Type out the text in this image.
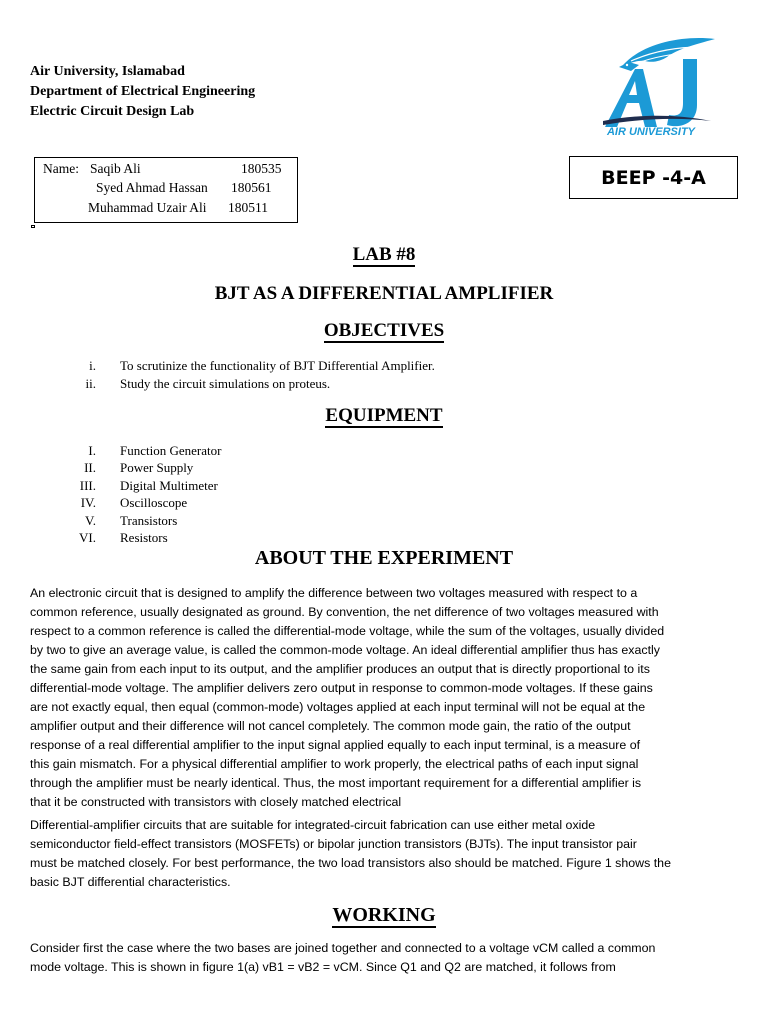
Air University, Islamabad
Department of Electrical Engineering
Electric Circuit Design Lab
AIR UNIVERSITY
Name: Saqib Ali	180535
Syed Ahmad Hassan 180561
Muhammad Uzair Ali 180511
BEEP -4-A
LAB #8
BJT AS A DIFFERENTIAL AMPLIFIER
OBJECTIVES
i. To scrutinize the functionality of BJT Differential Amplifier.
ii. Study the circuit simulations on proteus.
EQUIPMENT
I. Function Generator
II. Power Supply
III. Digital Multimeter
IV. Oscilloscope
V. Transistors
VI. Resistors
ABOUT THE EXPERIMENT
An electronic circuit that is designed to amplify the difference between two voltages measured with respect to a
common reference, usually designated as ground. By convention, the net difference of two voltages measured with
respect to a common reference is called the differential-mode voltage, while the sum of the voltages, usually divided
by two to give an average value, is called the common-mode voltage. An ideal differential amplifier thus has exactly
the same gain from each input to its output, and the amplifier produces an output that is directly proportional to its
differential-mode voltage. The amplifier delivers zero output in response to common-mode voltages. If these gains
are not exactly equal, then equal (common-mode) voltages applied at each input terminal will not be equal at the
amplifier output and their difference will not cancel completely. The common mode gain, the ratio of the output
response of a real differential amplifier to the input signal applied equally to each input terminal, is a measure of
this gain mismatch. For a physical differential amplifier to work properly, the electrical paths of each input signal
through the amplifier must be nearly identical. Thus, the most important requirement for a differential amplifier is
that it be constructed with transistors with closely matched electrical
Differential-amplifier circuits that are suitable for integrated-circuit fabrication can use either metal oxide
semiconductor field-effect transistors (MOSFETs) or bipolar junction transistors (BJTs). The input transistor pair
must be matched closely. For best performance, the two load transistors also should be matched. Figure 1 shows the
basic BJT differential characteristics.
WORKING
Consider first the case where the two bases are joined together and connected to a voltage vCM called a common
mode voltage. This is shown in figure 1(a) vB1 = vB2 = vCM. Since Q1 and Q2 are matched, it follows from
